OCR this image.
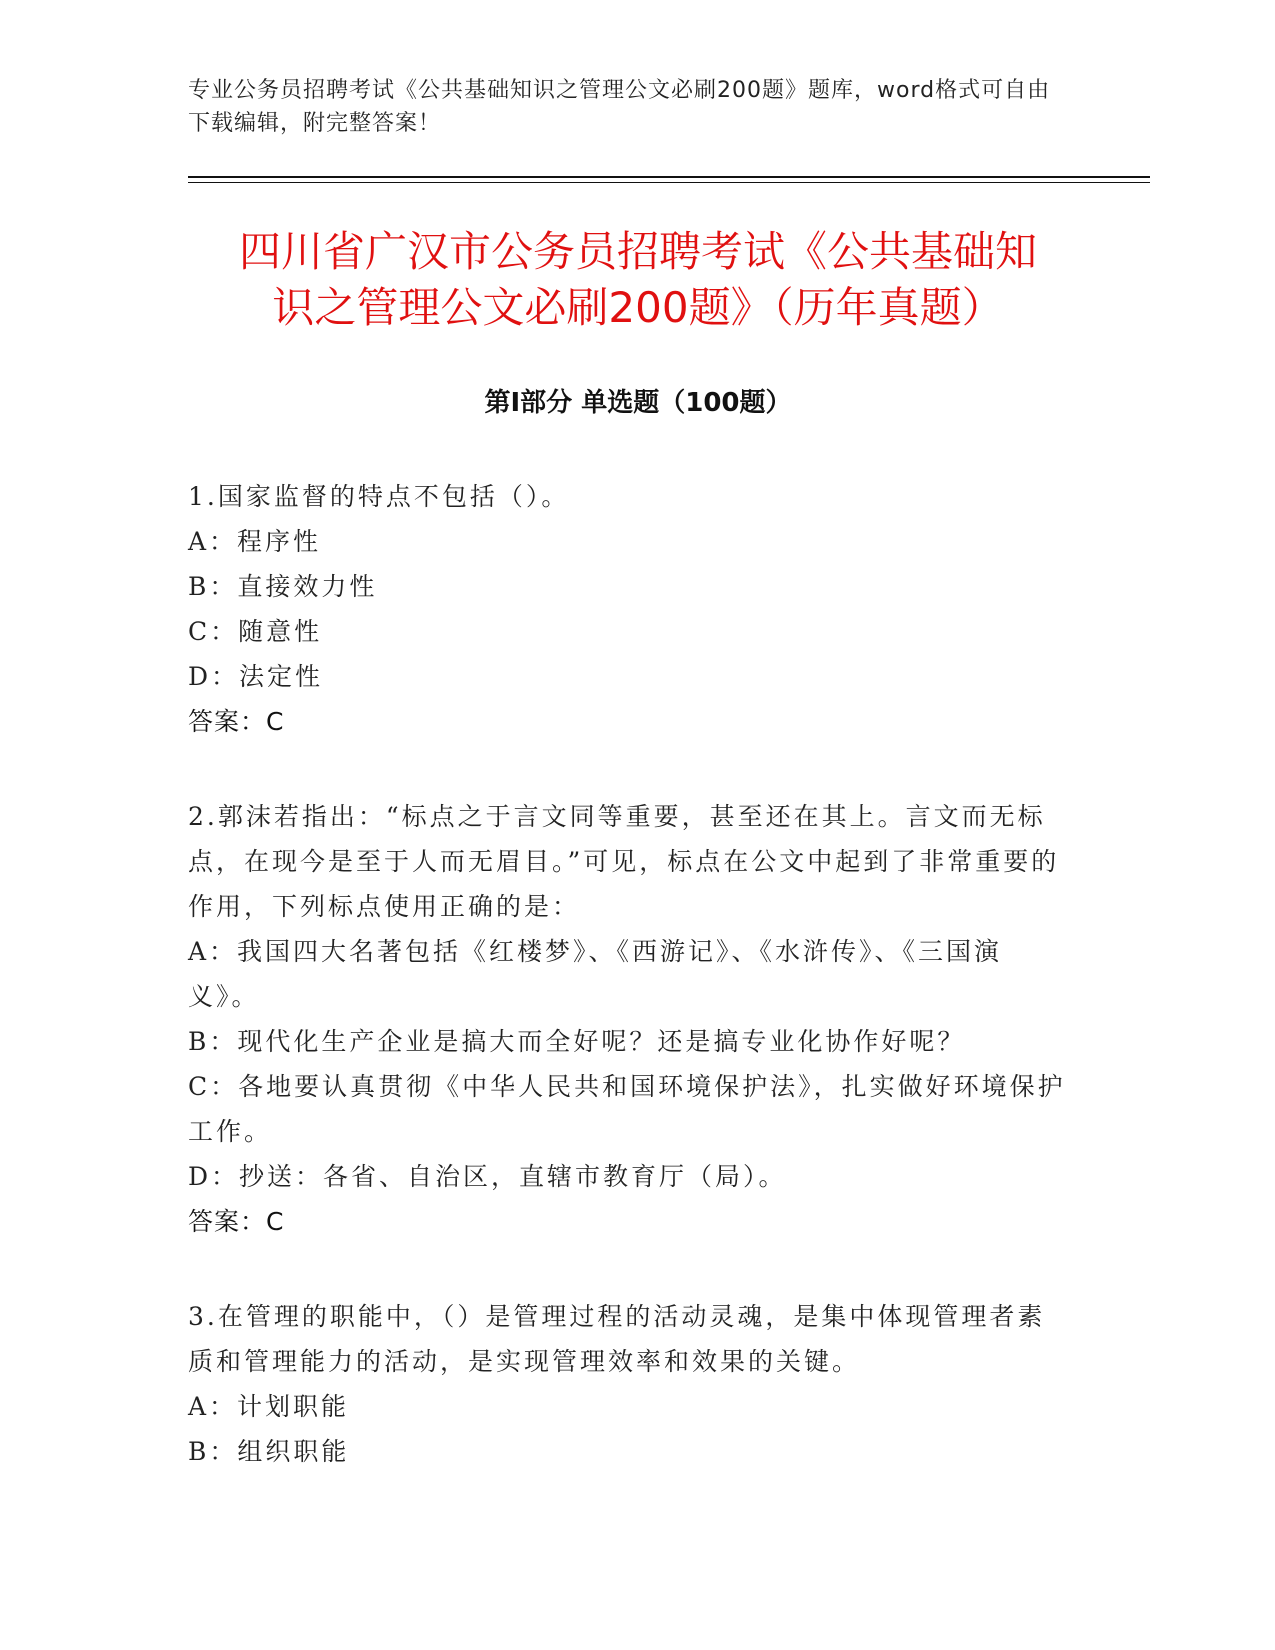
专业公务员招聘考试《公共基础知识之管理公文必刷200题》题库，word格式可自由下载编辑，附完整答案！
四川省广汉市公务员招聘考试《公共基础知
识之管理公文必刷200题》（历年真题）
第Ⅰ部分 单选题（100题）

1.国家监督的特点不包括（）。

A：程序性

B：直接效力性

C：随意性

D：法定性

答案：C

2.郭沫若指出：“标点之于言文同等重要，甚至还在其上。言文而无标点，在现今是至于人而无眉目。”可见，标点在公文中起到了非常重要的作用，下列标点使用正确的是：

A：我国四大名著包括《红楼梦》、《西游记》、《水浒传》、《三国演义》。

B：现代化生产企业是搞大而全好呢？还是搞专业化协作好呢？

C：各地要认真贯彻《中华人民共和国环境保护法》，扎实做好环境保护工作。

D：抄送：各省、自治区，直辖市教育厅（局）。

答案：C

3.在管理的职能中，（）是管理过程的活动灵魂，是集中体现管理者素质和管理能力的活动，是实现管理效率和效果的关键。

A：计划职能

B：组织职能
